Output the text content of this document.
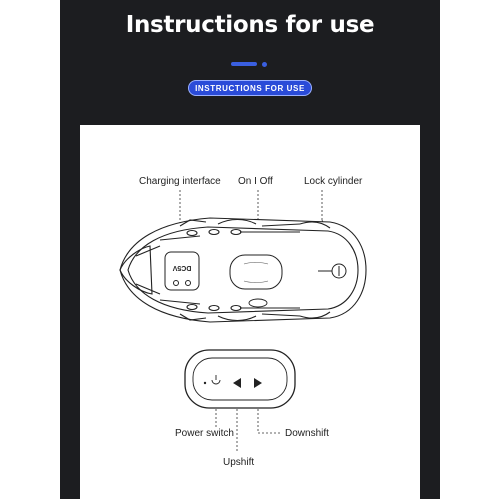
Instructions for use
INSTRUCTIONS FOR USE
Charging interface On I Off	Lock cylinder
Power switch	Downshift
Upshift
DC5V
